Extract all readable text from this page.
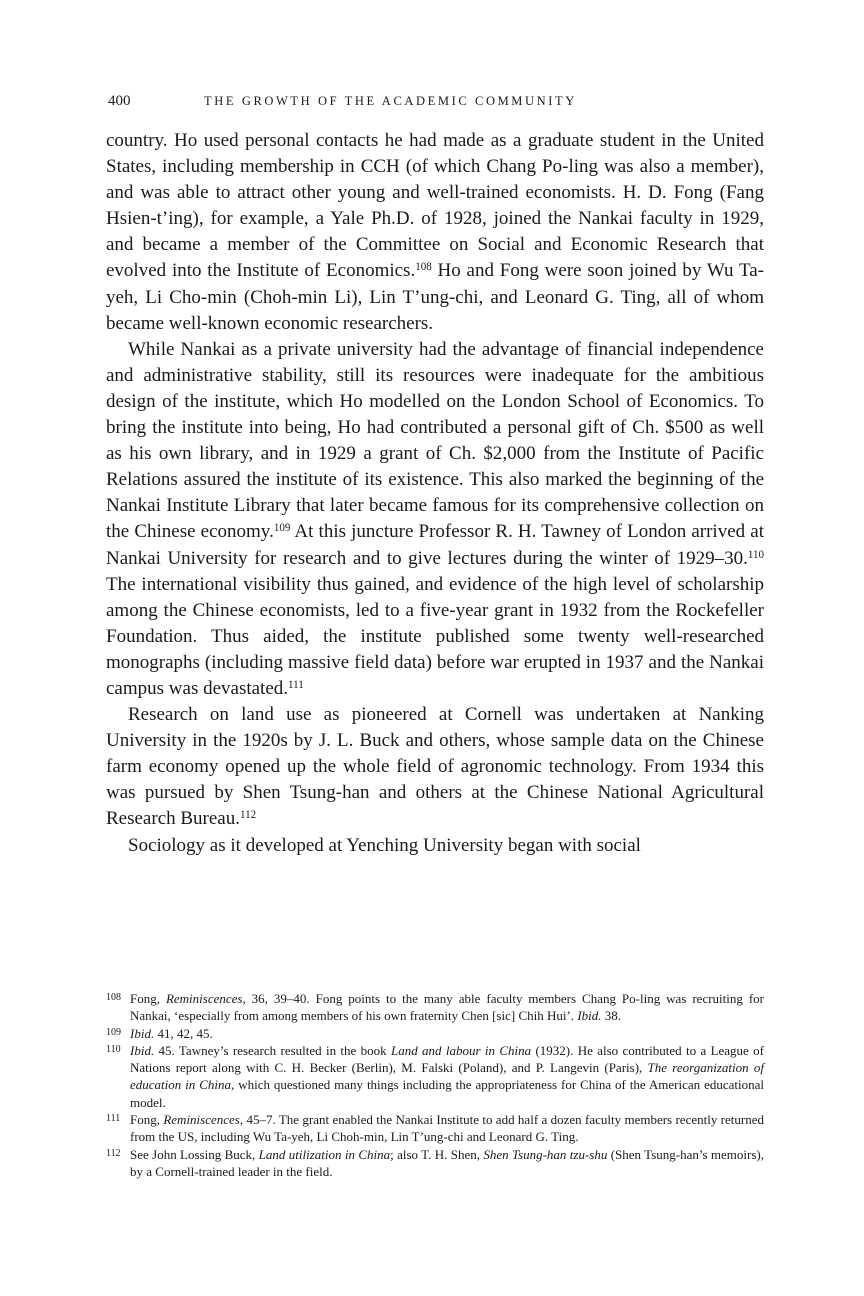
400	THE GROWTH OF THE ACADEMIC COMMUNITY

country. Ho used personal contacts he had made as a graduate student in the United States, including membership in CCH (of which Chang Po-ling was also a member), and was able to attract other young and well-trained economists. H. D. Fong (Fang Hsien-t’ing), for example, a Yale Ph.D. of 1928, joined the Nankai faculty in 1929, and became a member of the Committee on Social and Economic Research that evolved into the Institute of Economics.$^{108}$ Ho and Fong were soon joined by Wu Ta-yeh, Li Cho-min (Choh-min Li), Lin T’ung-chi, and Leonard G. Ting, all of whom became well-known economic researchers.

While Nankai as a private university had the advantage of financial independence and administrative stability, still its resources were inadequate for the ambitious design of the institute, which Ho modelled on the London School of Economics. To bring the institute into being, Ho had contributed a personal gift of Ch. $500 as well as his own library, and in 1929 a grant of Ch. $2,000 from the Institute of Pacific Relations assured the institute of its existence. This also marked the beginning of the Nankai Institute Library that later became famous for its comprehensive collection on the Chinese economy.$^{109}$ At this juncture Professor R. H. Tawney of London arrived at Nankai University for research and to give lectures during the winter of 1929–30.$^{110}$ The international visibility thus gained, and evidence of the high level of scholarship among the Chinese economists, led to a five-year grant in 1932 from the Rockefeller Foundation. Thus aided, the institute published some twenty well-researched monographs (including massive field data) before war erupted in 1937 and the Nankai campus was devastated.$^{111}$

Research on land use as pioneered at Cornell was undertaken at Nanking University in the 1920s by J. L. Buck and others, whose sample data on the Chinese farm economy opened up the whole field of agronomic technology. From 1934 this was pursued by Shen Tsung-han and others at the Chinese National Agricultural Research Bureau.$^{112}$

Sociology as it developed at Yenching University began with social

108 Fong, Reminiscences, 36, 39–40. Fong points to the many able faculty members Chang Po-ling was recruiting for Nankai, ‘especially from among members of his own fraternity Chen [sic] Chih Hui’. Ibid. 38.
109 Ibid. 41, 42, 45.
110 Ibid. 45. Tawney’s research resulted in the book Land and labour in China (1932). He also contributed to a League of Nations report along with C. H. Becker (Berlin), M. Falski (Poland), and P. Langevin (Paris), The reorganization of education in China, which questioned many things including the appropriateness for China of the American educational model.
111 Fong, Reminiscences, 45–7. The grant enabled the Nankai Institute to add half a dozen faculty members recently returned from the US, including Wu Ta-yeh, Li Choh-min, Lin T’ung-chi and Leonard G. Ting.
112 See John Lossing Buck, Land utilization in China; also T. H. Shen, Shen Tsung-han tzu-shu (Shen Tsung-han’s memoirs), by a Cornell-trained leader in the field.
